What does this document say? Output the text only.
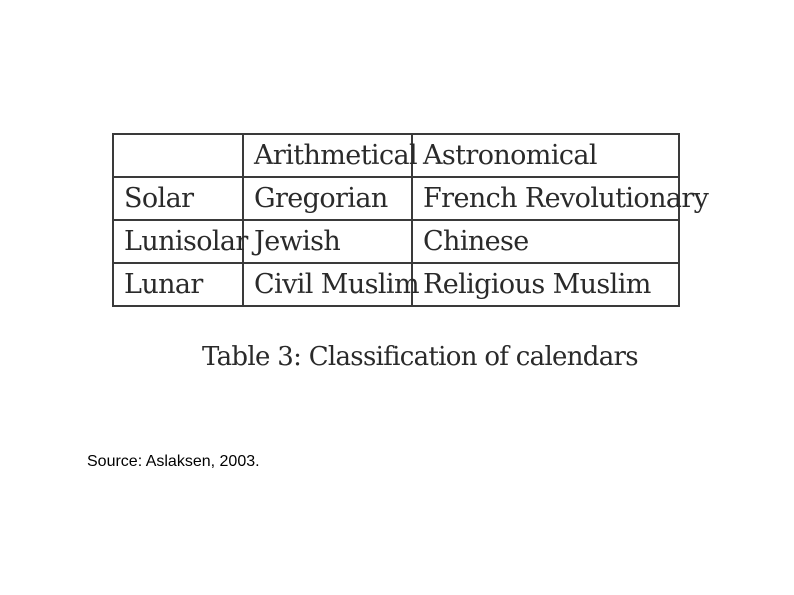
	Arithmetical	Astronomical
Solar	Gregorian	French Revolutionary
Lunisolar	Jewish	Chinese
Lunar	Civil Muslim	Religious Muslim
Table 3: Classification of calendars
Source: Aslaksen, 2003.
